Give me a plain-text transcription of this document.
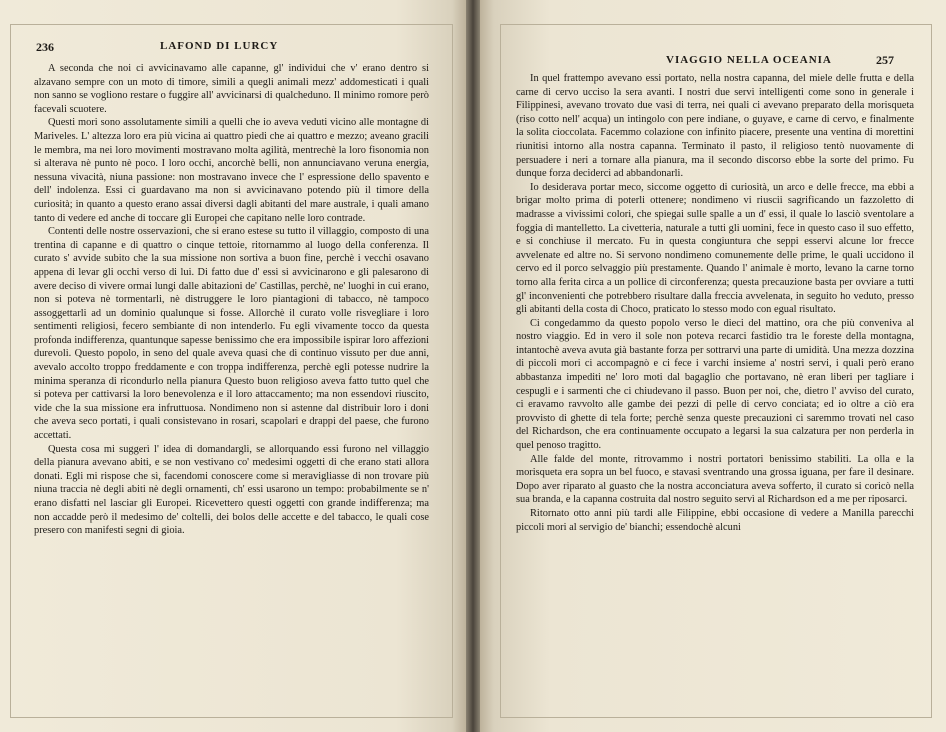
236	LAFOND DI LURCY

A seconda che noi ci avvicinavamo alle capanne, gl' individui che v' erano dentro si alzavano sempre con un moto di timore, simili a quegli animali mezz' addomesticati i quali non sanno se vogliono restare o fuggire all' avvicinarsi di qualcheduno. Il minimo romore però facevali scuotere.

Questi mori sono assolutamente simili a quelli che io aveva veduti vicino alle montagne di Mariveles. L' altezza loro era più vicina ai quattro piedi che ai quattro e mezzo; aveano gracili le membra, ma nei loro movimenti mostravano molta agilità, mentrechè la loro fisonomia non si alterava nè punto nè poco. I loro occhi, ancorchè belli, non annunciavano veruna energia, nessuna vivacità, niuna passione: non mostravano invece che l' espressione dello spavento e dell' indolenza. Essi ci guardavano ma non si avvicinavano potendo più il timore della curiosità; in quanto a questo erano assai diversi dagli abitanti del mare australe, i quali amano tanto di vedere ed anche di toccare gli Europei che capitano nelle loro contrade.

Contenti delle nostre osservazioni, che si erano estese su tutto il villaggio, composto di una trentina di capanne e di quattro o cinque tettoie, ritornammo al luogo della conferenza. Il curato s' avvide subito che la sua missione non sortiva a buon fine, perchè i vecchi osavano appena di levar gli occhi verso di lui. Di fatto due d' essi si avvicinarono e gli palesarono di avere deciso di vivere ormai lungi dalle abitazioni de' Castillas, perchè, ne' luoghi in cui erano, non si poteva nè tormentarli, nè distruggere le loro piantagioni di tabacco, nè tampoco assoggettarli ad un dominio qualunque si fosse. Allorchè il curato volle risvegliare i loro sentimenti religiosi, fecero sembiante di non intenderlo. Fu egli vivamente tocco da questa profonda indifferenza, quantunque sapesse benissimo che era impossibile ispirar loro affezioni durevoli. Questo popolo, in seno del quale aveva quasi che di continuo vissuto per due anni, avevalo accolto troppo freddamente e con troppa indifferenza, perchè egli potesse nudrire la minima speranza di ricondurlo nella pianura Questo buon religioso aveva fatto tutto quel che si poteva per cattivarsi la loro benevolenza e il loro attaccamento; ma non essendovi riuscito, vide che la sua missione era infruttuosa. Nondimeno non si astenne dal distribuir loro i doni che aveva seco portati, i quali consistevano in rosari, scapolari e drappi del paese, che furono accettati.

Questa cosa mi suggerì l' idea di domandargli, se allorquando essi furono nel villaggio della pianura avevano abiti, e se non vestivano co' medesimi oggetti di che erano stati allora donati. Egli mi rispose che sì, facendomi conoscere come si meravigliasse di non trovare più niuna traccia nè degli abiti nè degli ornamenti, ch' essi usarono un tempo: probabilmente se n' erano disfatti nel lasciar gli Europei. Ricevettero questi oggetti con grande indifferenza; ma non accadde però il medesimo de' coltelli, dei bolos delle accette e del tabacco, le quali cose presero con manifesti segni di gioia.

VIAGGIO NELLA OCEANIA	257

In quel frattempo avevano essi portato, nella nostra capanna, del miele delle frutta e della carne di cervo ucciso la sera avanti. I nostri due servi intelligenti come sono in generale i Filippinesi, avevano trovato due vasi di terra, nei quali ci avevano preparato della morisqueta (riso cotto nell' acqua) un intingolo con pere indiane, o guyave, e carne di cervo, e finalmente la solita cioccolata. Facemmo colazione con infinito piacere, presente una ventina di morettini riunitisi intorno alla nostra capanna. Terminato il pasto, il religioso tentò nuovamente di persuadere i neri a tornare alla pianura, ma il secondo discorso ebbe la sorte del primo. Fu dunque forza deciderci ad abbandonarli.

Io desiderava portar meco, siccome oggetto di curiosità, un arco e delle frecce, ma ebbi a brigar molto prima di poterli ottenere; nondimeno vi riuscii sagrificando un fazzoletto di madrasse a vivissimi colori, che spiegai sulle spalle a un d' essi, il quale lo lasciò sventolare a foggia di mantelletto. La civetteria, naturale a tutti gli uomini, fece in questo caso il suo effetto, e si conchiuse il mercato. Fu in questa congiuntura che seppi esservi alcune lor frecce avvelenate ed altre no. Si servono nondimeno comunemente delle prime, le quali uccidono il cervo ed il porco selvaggio più prestamente. Quando l' animale è morto, levano la carne torno torno alla ferita circa a un pollice di circonferenza; questa precauzione basta per ovviare a tutti gl' inconvenienti che potrebbero risultare dalla freccia avvelenata, in seguito ho veduto, presso gli abitanti della costa di Choco, praticato lo stesso modo con egual risultato.

Ci congedammo da questo popolo verso le dieci del mattino, ora che più conveniva al nostro viaggio. Ed in vero il sole non poteva recarci fastidio tra le foreste della montagna, intantochè aveva avuta già bastante forza per sottrarvi una parte di umidità. Una mezza dozzina di piccoli mori ci accompagnò e ci fece i varchi insieme a' nostri servi, i quali però erano abbastanza impediti ne' loro moti dal bagaglio che portavano, nè eran liberi per tagliare i cespugli e i sarmenti che ci chiudevano il passo. Buon per noi, che, dietro l' avviso del curato, ci eravamo ravvolto alle gambe dei pezzi di pelle di cervo conciata; ed io oltre a ciò era provvisto di ghette di tela forte; perchè senza queste precauzioni ci saremmo trovati nel caso del Richardson, che era continuamente occupato a legarsi la sua calzatura per non perderla in quel penoso tragitto.

Alle falde del monte, ritrovammo i nostri portatori benissimo stabiliti. La olla e la morisqueta era sopra un bel fuoco, e stavasi sventrando una grossa iguana, per fare il desinare. Dopo aver riparato al guasto che la nostra acconciatura aveva sofferto, il curato si coricò nella sua branda, e la capanna costruita dal nostro seguito servì al Richardson ed a me per riposarci.

Ritornato otto anni più tardi alle Filippine, ebbi occasione di vedere a Manilla parecchi piccoli mori al servigio de' bianchi; essendochè alcuni
